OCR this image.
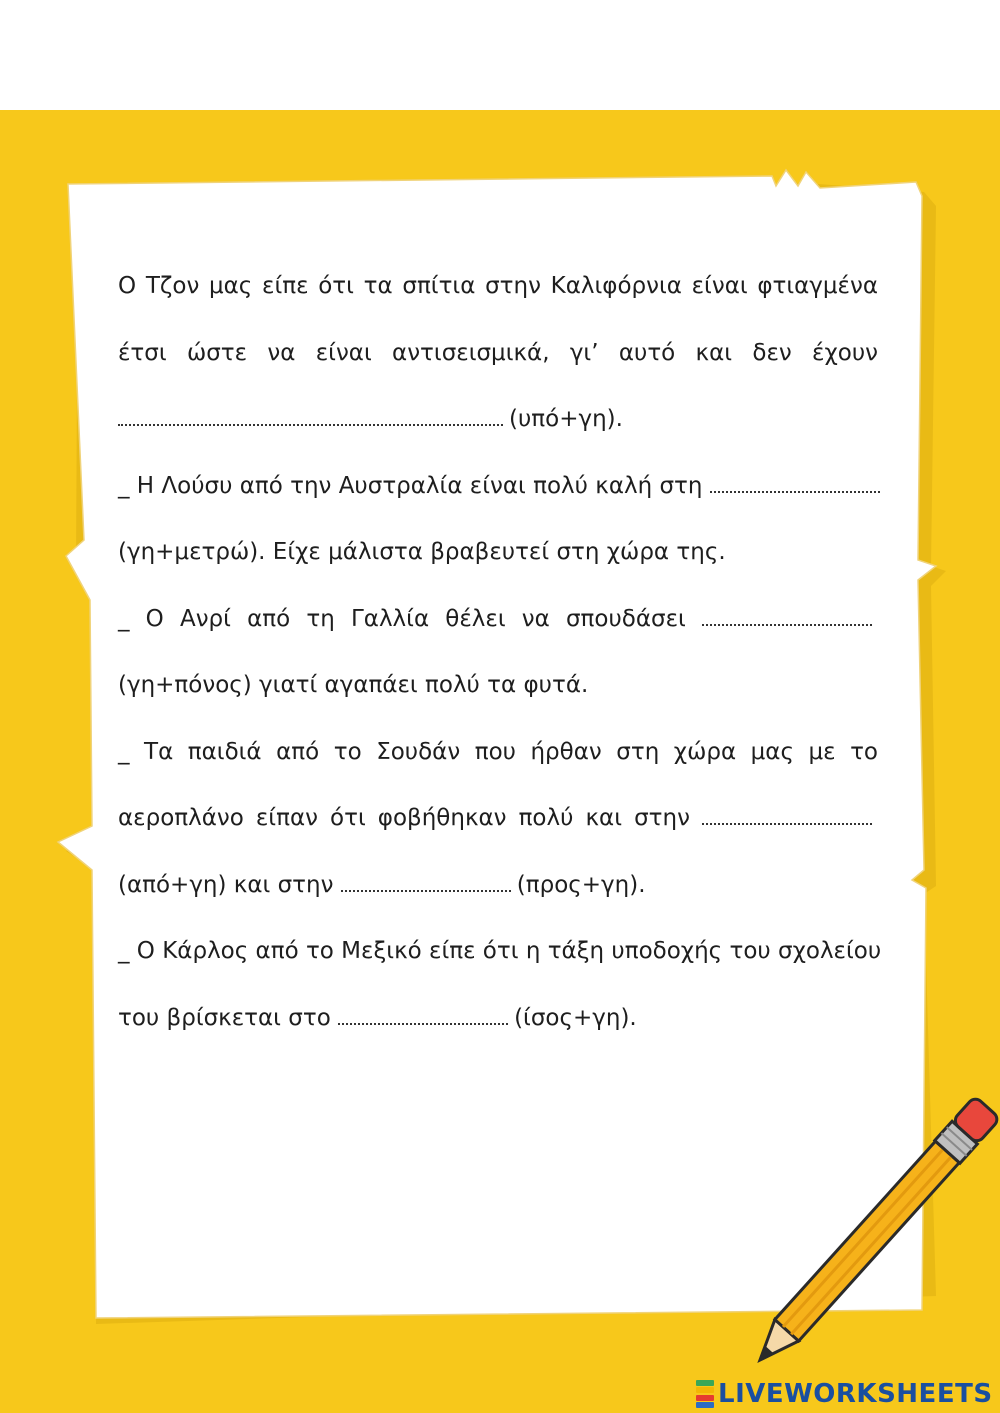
Ο Τζον μας είπε ότι τα σπίτια στην Καλιφόρνια είναι φτιαγμένα
έτσι ώστε να είναι αντισεισμικά, γι’ αυτό και δεν έχουν
(υπό+γη).
_ Η Λούσυ από την Αυστραλία είναι πολύ καλή στη
(γη+μετρώ). Είχε μάλιστα βραβευτεί στη χώρα της.
_ Ο Ανρί από τη Γαλλία θέλει να σπουδάσει
(γη+πόνος) γιατί αγαπάει πολύ τα φυτά.
_ Τα παιδιά από το Σουδάν που ήρθαν στη χώρα μας με το
αεροπλάνο είπαν ότι φοβήθηκαν πολύ και στην
(από+γη) και στην	(προς+γη).
_ Ο Κάρλος από το Μεξικό είπε ότι η τάξη υποδοχής του σχολείου
του βρίσκεται στο	(ίσος+γη).
LIVEWORKSHEETS
